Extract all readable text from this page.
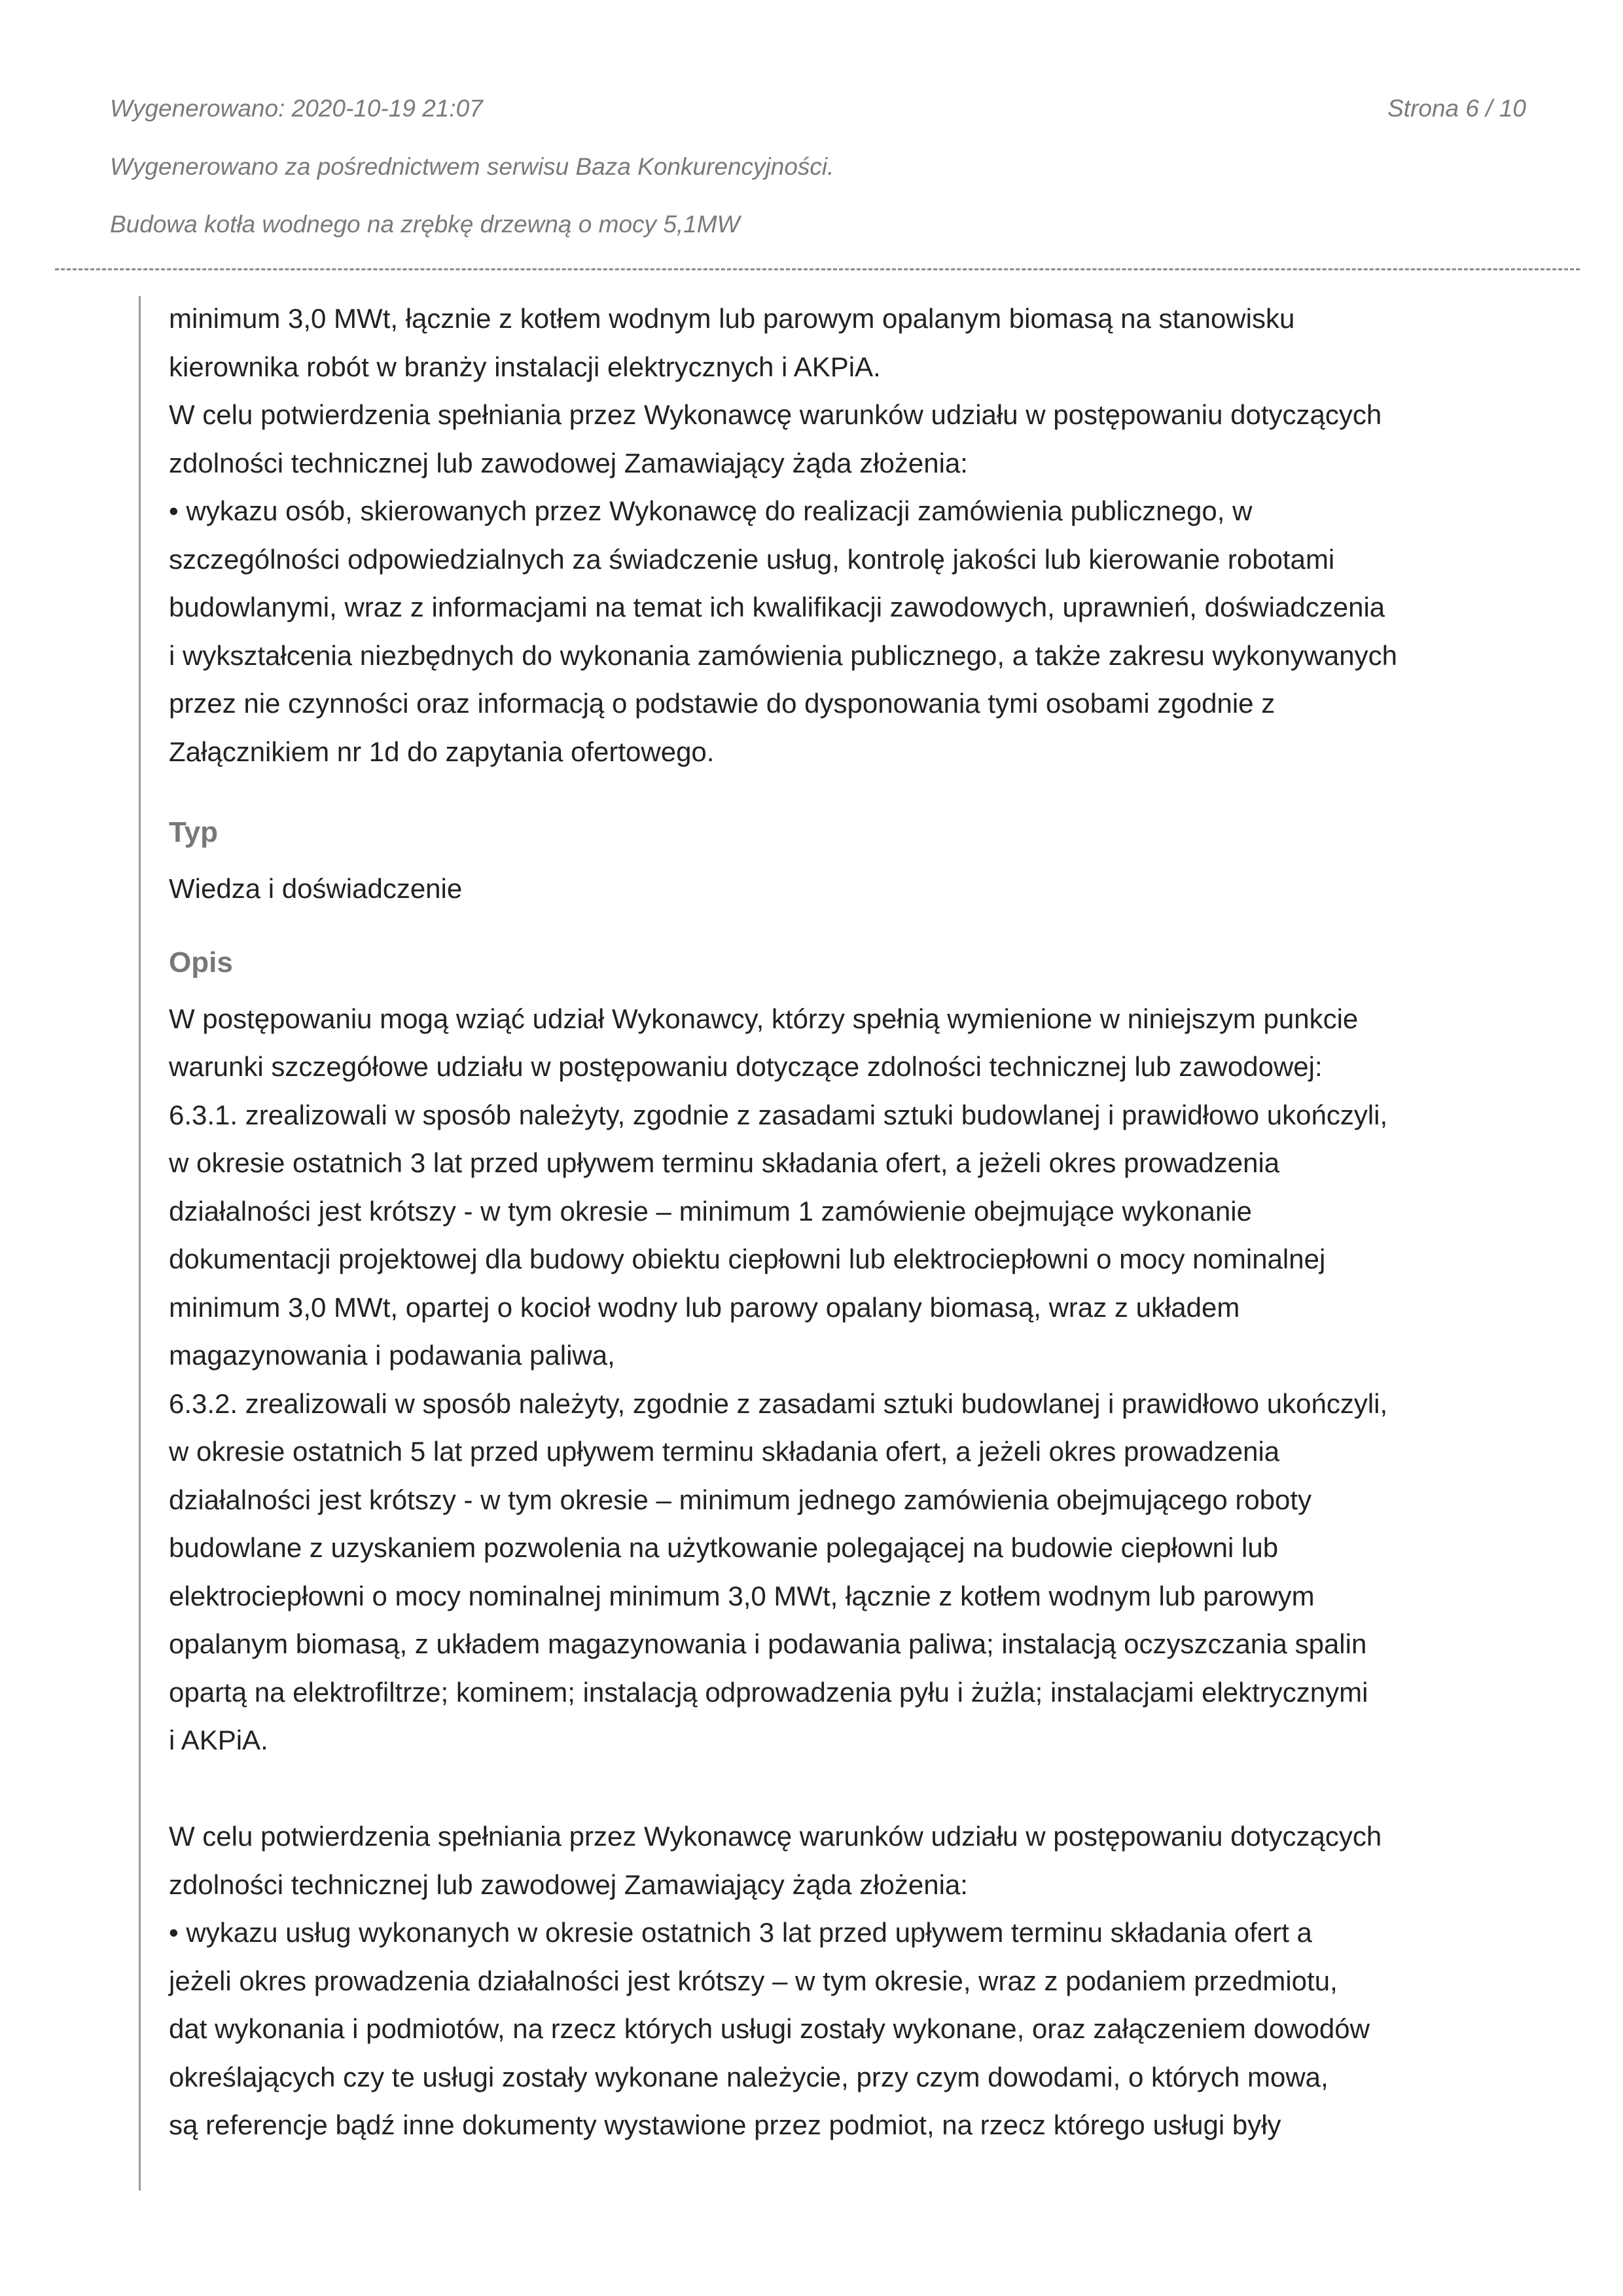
Wygenerowano: 2020-10-19 21:07	Strona 6 / 10
Wygenerowano za pośrednictwem serwisu Baza Konkurencyjności.
Budowa kotła wodnego na zrębkę drzewną o mocy 5,1MW
minimum 3,0 MWt, łącznie z kotłem wodnym lub parowym opalanym biomasą na stanowisku
kierownika robót w branży instalacji elektrycznych i AKPiA.
W celu potwierdzenia spełniania przez Wykonawcę warunków udziału w postępowaniu dotyczących
zdolności technicznej lub zawodowej Zamawiający żąda złożenia:
• wykazu osób, skierowanych przez Wykonawcę do realizacji zamówienia publicznego, w
szczególności odpowiedzialnych za świadczenie usług, kontrolę jakości lub kierowanie robotami
budowlanymi, wraz z informacjami na temat ich kwalifikacji zawodowych, uprawnień, doświadczenia
i wykształcenia niezbędnych do wykonania zamówienia publicznego, a także zakresu wykonywanych
przez nie czynności oraz informacją o podstawie do dysponowania tymi osobami zgodnie z
Załącznikiem nr 1d do zapytania ofertowego.
Typ
Wiedza i doświadczenie
Opis
W postępowaniu mogą wziąć udział Wykonawcy, którzy spełnią wymienione w niniejszym punkcie
warunki szczegółowe udziału w postępowaniu dotyczące zdolności technicznej lub zawodowej:
6.3.1. zrealizowali w sposób należyty, zgodnie z zasadami sztuki budowlanej i prawidłowo ukończyli,
w okresie ostatnich 3 lat przed upływem terminu składania ofert, a jeżeli okres prowadzenia
działalności jest krótszy - w tym okresie – minimum 1 zamówienie obejmujące wykonanie
dokumentacji projektowej dla budowy obiektu ciepłowni lub elektrociepłowni o mocy nominalnej
minimum 3,0 MWt, opartej o kocioł wodny lub parowy opalany biomasą, wraz z układem
magazynowania i podawania paliwa,
6.3.2. zrealizowali w sposób należyty, zgodnie z zasadami sztuki budowlanej i prawidłowo ukończyli,
w okresie ostatnich 5 lat przed upływem terminu składania ofert, a jeżeli okres prowadzenia
działalności jest krótszy - w tym okresie – minimum jednego zamówienia obejmującego roboty
budowlane z uzyskaniem pozwolenia na użytkowanie polegającej na budowie ciepłowni lub
elektrociepłowni o mocy nominalnej minimum 3,0 MWt, łącznie z kotłem wodnym lub parowym
opalanym biomasą, z układem magazynowania i podawania paliwa; instalacją oczyszczania spalin
opartą na elektrofiltrze; kominem; instalacją odprowadzenia pyłu i żużla; instalacjami elektrycznymi
i AKPiA.
W celu potwierdzenia spełniania przez Wykonawcę warunków udziału w postępowaniu dotyczących
zdolności technicznej lub zawodowej Zamawiający żąda złożenia:
• wykazu usług wykonanych w okresie ostatnich 3 lat przed upływem terminu składania ofert a
jeżeli okres prowadzenia działalności jest krótszy – w tym okresie, wraz z podaniem przedmiotu,
dat wykonania i podmiotów, na rzecz których usługi zostały wykonane, oraz załączeniem dowodów
określających czy te usługi zostały wykonane należycie, przy czym dowodami, o których mowa,
są referencje bądź inne dokumenty wystawione przez podmiot, na rzecz którego usługi były
